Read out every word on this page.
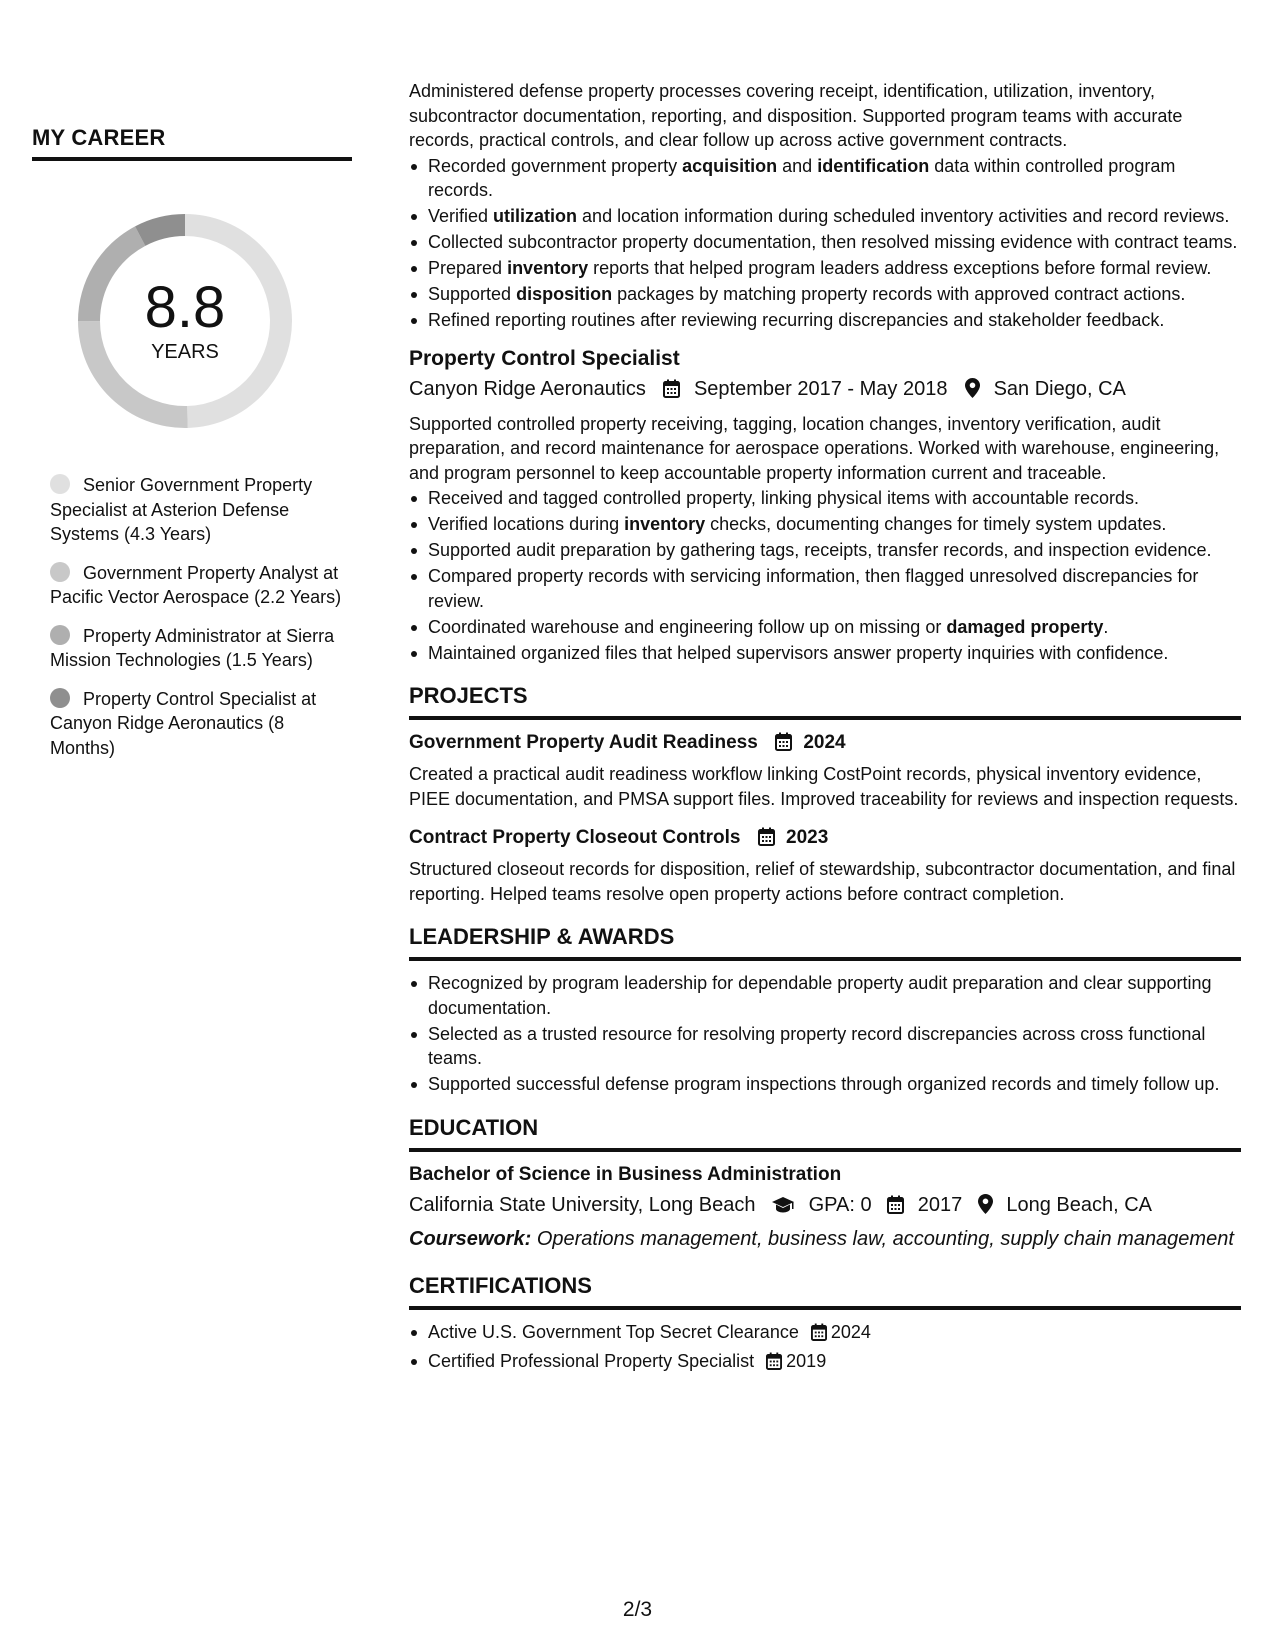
MY CAREER
8.8
YEARS
Senior Government Property Specialist at Asterion Defense Systems (4.3 Years)
Government Property Analyst at Pacific Vector Aerospace (2.2 Years)
Property Administrator at Sierra Mission Technologies (1.5 Years)
Property Control Specialist at Canyon Ridge Aeronautics (8 Months)

Administered defense property processes covering receipt, identification, utilization, inventory, subcontractor documentation, reporting, and disposition. Supported program teams with accurate records, practical controls, and clear follow up across active government contracts.

Recorded government property acquisition and identification data within controlled program records.
Verified utilization and location information during scheduled inventory activities and record reviews.
Collected subcontractor property documentation, then resolved missing evidence with contract teams.
Prepared inventory reports that helped program leaders address exceptions before formal review.
Supported disposition packages by matching property records with approved contract actions.
Refined reporting routines after reviewing recurring discrepancies and stakeholder feedback.
Property Control Specialist
Canyon Ridge Aeronautics September 2017 - May 2018 San Diego, CA

Supported controlled property receiving, tagging, location changes, inventory verification, audit preparation, and record maintenance for aerospace operations. Worked with warehouse, engineering, and program personnel to keep accountable property information current and traceable.

Received and tagged controlled property, linking physical items with accountable records.
Verified locations during inventory checks, documenting changes for timely system updates.
Supported audit preparation by gathering tags, receipts, transfer records, and inspection evidence.
Compared property records with servicing information, then flagged unresolved discrepancies for review.
Coordinated warehouse and engineering follow up on missing or damaged property.
Maintained organized files that helped supervisors answer property inquiries with confidence.
PROJECTS
Government Property Audit Readiness 2024

Created a practical audit readiness workflow linking CostPoint records, physical inventory evidence, PIEE documentation, and PMSA support files. Improved traceability for reviews and inspection requests.

Contract Property Closeout Controls 2023

Structured closeout records for disposition, relief of stewardship, subcontractor documentation, and final reporting. Helped teams resolve open property actions before contract completion.

LEADERSHIP & AWARDS
Recognized by program leadership for dependable property audit preparation and clear supporting documentation.
Selected as a trusted resource for resolving property record discrepancies across cross functional teams.
Supported successful defense program inspections through organized records and timely follow up.
EDUCATION
Bachelor of Science in Business Administration
California State University, Long Beach	GPA: 0 2017 Long Beach, CA
Coursework: Operations management, business law, accounting, supply chain management
CERTIFICATIONS
Active U.S. Government Top Secret Clearance 2024
Certified Professional Property Specialist 2019
2/3
